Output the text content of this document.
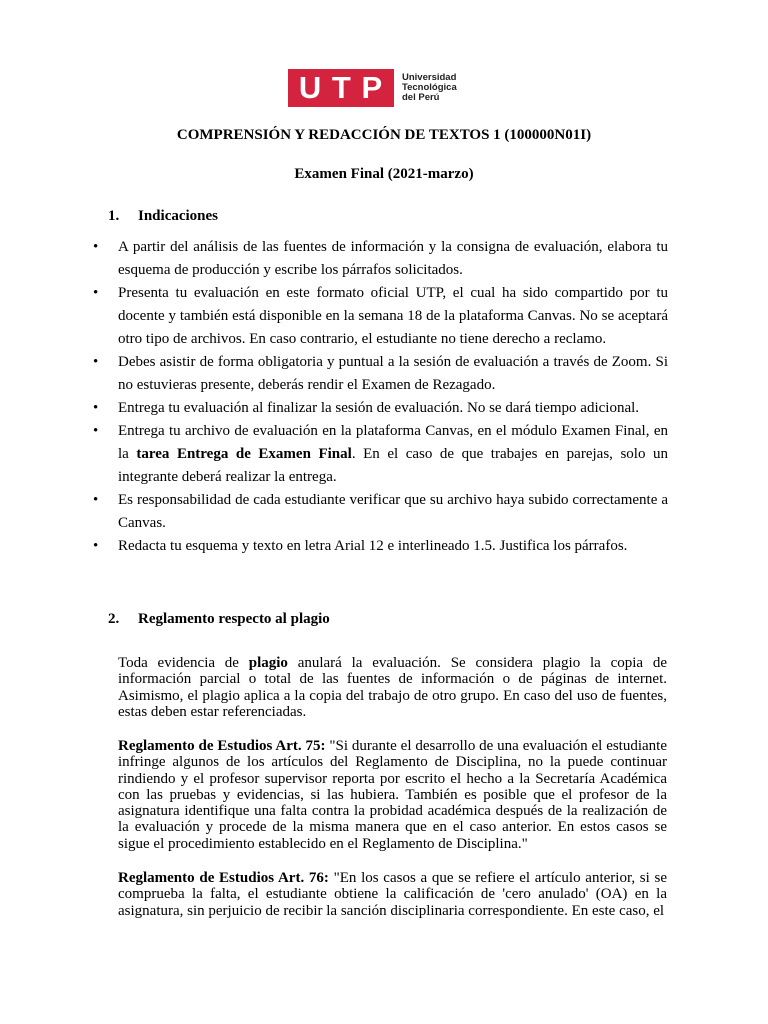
U T P Universidad
Tecnológica
del Perú
COMPRENSIÓN Y REDACCIÓN DE TEXTOS 1 (100000N01I)
Examen Final (2021-marzo)
1. Indicaciones
• A partir del análisis de las fuentes de información y la consigna de evaluación, elabora tu esquema de producción y escribe los párrafos solicitados.
• Presenta tu evaluación en este formato oficial UTP, el cual ha sido compartido por tu docente y también está disponible en la semana 18 de la plataforma Canvas. No se aceptará otro tipo de archivos. En caso contrario, el estudiante no tiene derecho a reclamo.
• Debes asistir de forma obligatoria y puntual a la sesión de evaluación a través de Zoom. Si no estuvieras presente, deberás rendir el Examen de Rezagado.
• Entrega tu evaluación al finalizar la sesión de evaluación. No se dará tiempo adicional.
• Entrega tu archivo de evaluación en la plataforma Canvas, en el módulo Examen Final, en la tarea Entrega de Examen Final. En el caso de que trabajes en parejas, solo un integrante deberá realizar la entrega.
• Es responsabilidad de cada estudiante verificar que su archivo haya subido correctamente a Canvas.
• Redacta tu esquema y texto en letra Arial 12 e interlineado 1.5. Justifica los párrafos.
2. Reglamento respecto al plagio

Toda evidencia de plagio anulará la evaluación. Se considera plagio la copia de información parcial o total de las fuentes de información o de páginas de internet. Asimismo, el plagio aplica a la copia del trabajo de otro grupo. En caso del uso de fuentes, estas deben estar referenciadas.

Reglamento de Estudios Art. 75: "Si durante el desarrollo de una evaluación el estudiante infringe algunos de los artículos del Reglamento de Disciplina, no la puede continuar rindiendo y el profesor supervisor reporta por escrito el hecho a la Secretaría Académica con las pruebas y evidencias, si las hubiera. También es posible que el profesor de la asignatura identifique una falta contra la probidad académica después de la realización de la evaluación y procede de la misma manera que en el caso anterior. En estos casos se sigue el procedimiento establecido en el Reglamento de Disciplina."

Reglamento de Estudios Art. 76: "En los casos a que se refiere el artículo anterior, si se comprueba la falta, el estudiante obtiene la calificación de 'cero anulado' (OA) en la asignatura, sin perjuicio de recibir la sanción disciplinaria correspondiente. En este caso, el
